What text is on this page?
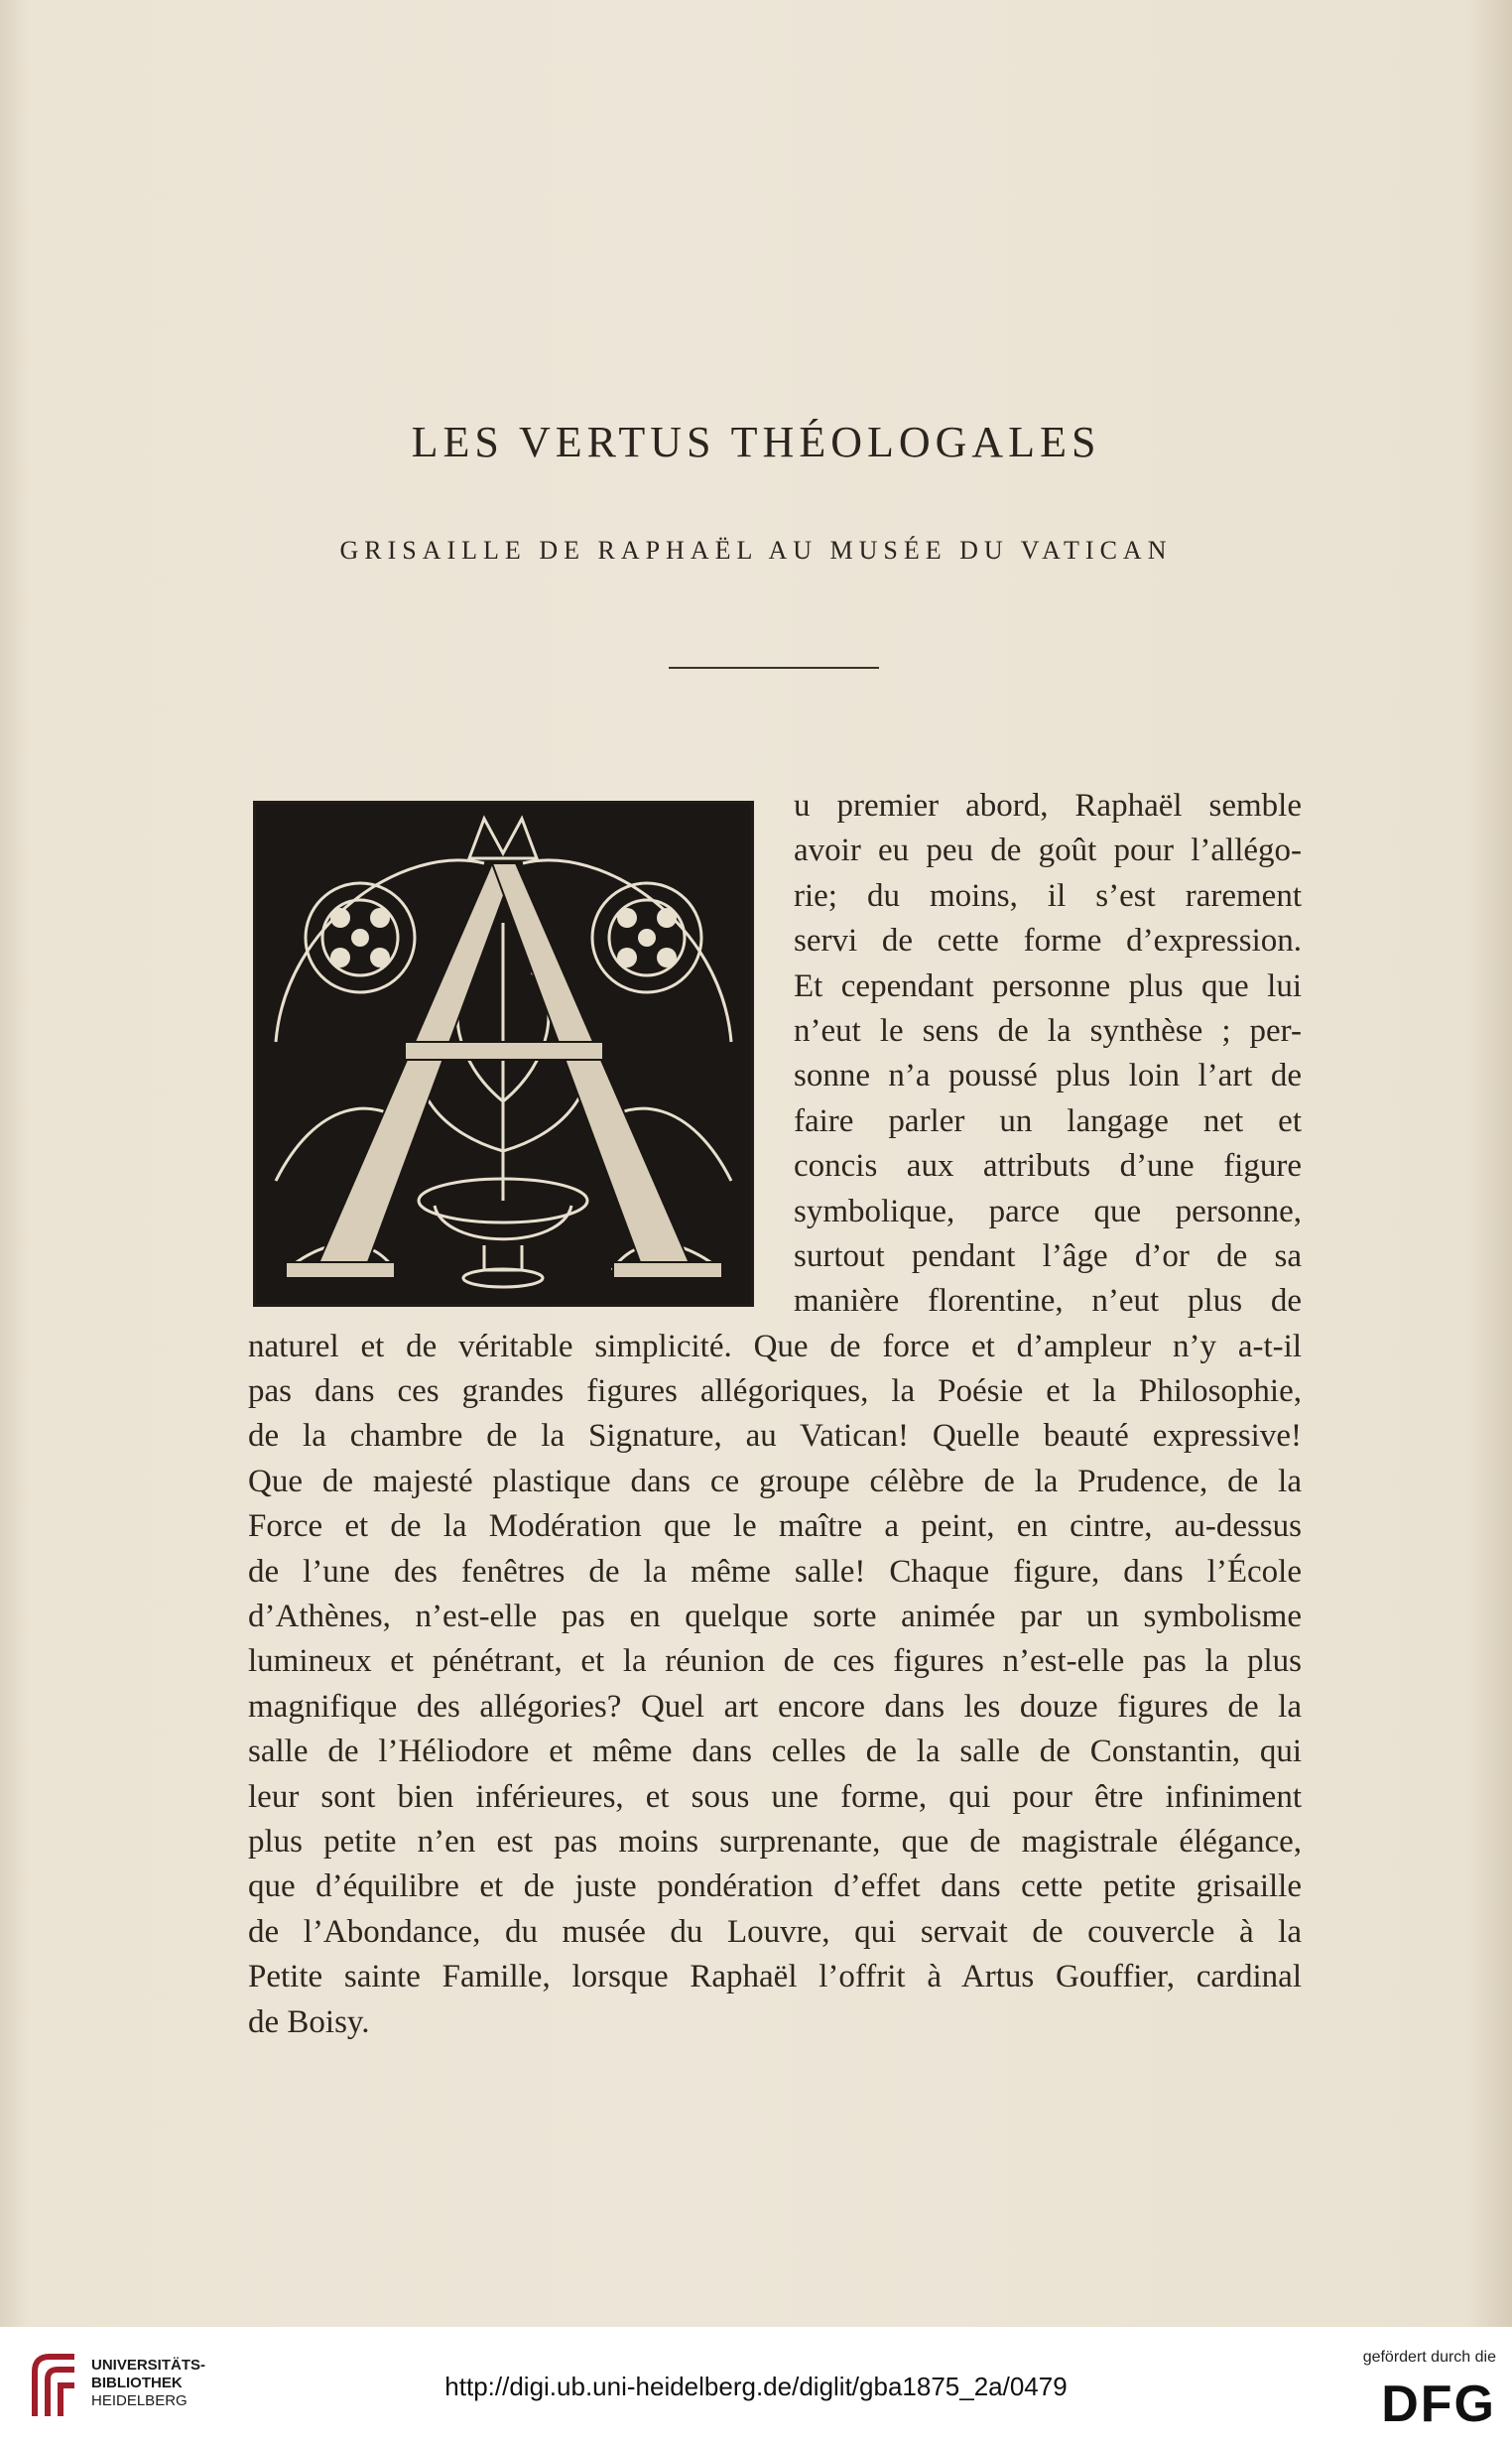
LES VERTUS THÉOLOGALES
GRISAILLE DE RAPHAËL AU MUSÉE DU VATICAN
u premier abord, Raphaël semble
avoir eu peu de goût pour l’allégo-
rie; du moins, il s’est rarement
servi de cette forme d’expression.
Et cependant personne plus que lui
n’eut le sens de la synthèse ; per-
sonne n’a poussé plus loin l’art de
faire parler un langage net et
concis aux attributs d’une figure
symbolique, parce que personne,
surtout pendant l’âge d’or de sa
manière florentine, n’eut plus de
naturel et de véritable simplicité. Que de force et d’ampleur n’y a-t-il
pas dans ces grandes figures allégoriques, la Poésie et la Philosophie,
de la chambre de la Signature, au Vatican! Quelle beauté expressive!
Que de majesté plastique dans ce groupe célèbre de la Prudence, de la
Force et de la Modération que le maître a peint, en cintre, au-dessus
de l’une des fenêtres de la même salle! Chaque figure, dans l’École
d’Athènes, n’est-elle pas en quelque sorte animée par un symbolisme
lumineux et pénétrant, et la réunion de ces figures n’est-elle pas la plus
magnifique des allégories? Quel art encore dans les douze figures de la
salle de l’Héliodore et même dans celles de la salle de Constantin, qui
leur sont bien inférieures, et sous une forme, qui pour être infiniment
plus petite n’en est pas moins surprenante, que de magistrale élégance,
que d’équilibre et de juste pondération d’effet dans cette petite grisaille
de l’Abondance, du musée du Louvre, qui servait de couvercle à la
Petite sainte Famille, lorsque Raphaël l’offrit à Artus Gouffier, cardinal
de Boisy.
UNIVERSITÄTS-
BIBLIOTHEK
HEIDELBERG	http://digi.ub.uni-heidelberg.de/diglit/gba1875_2a/0479
gefördert durch die
DFG
